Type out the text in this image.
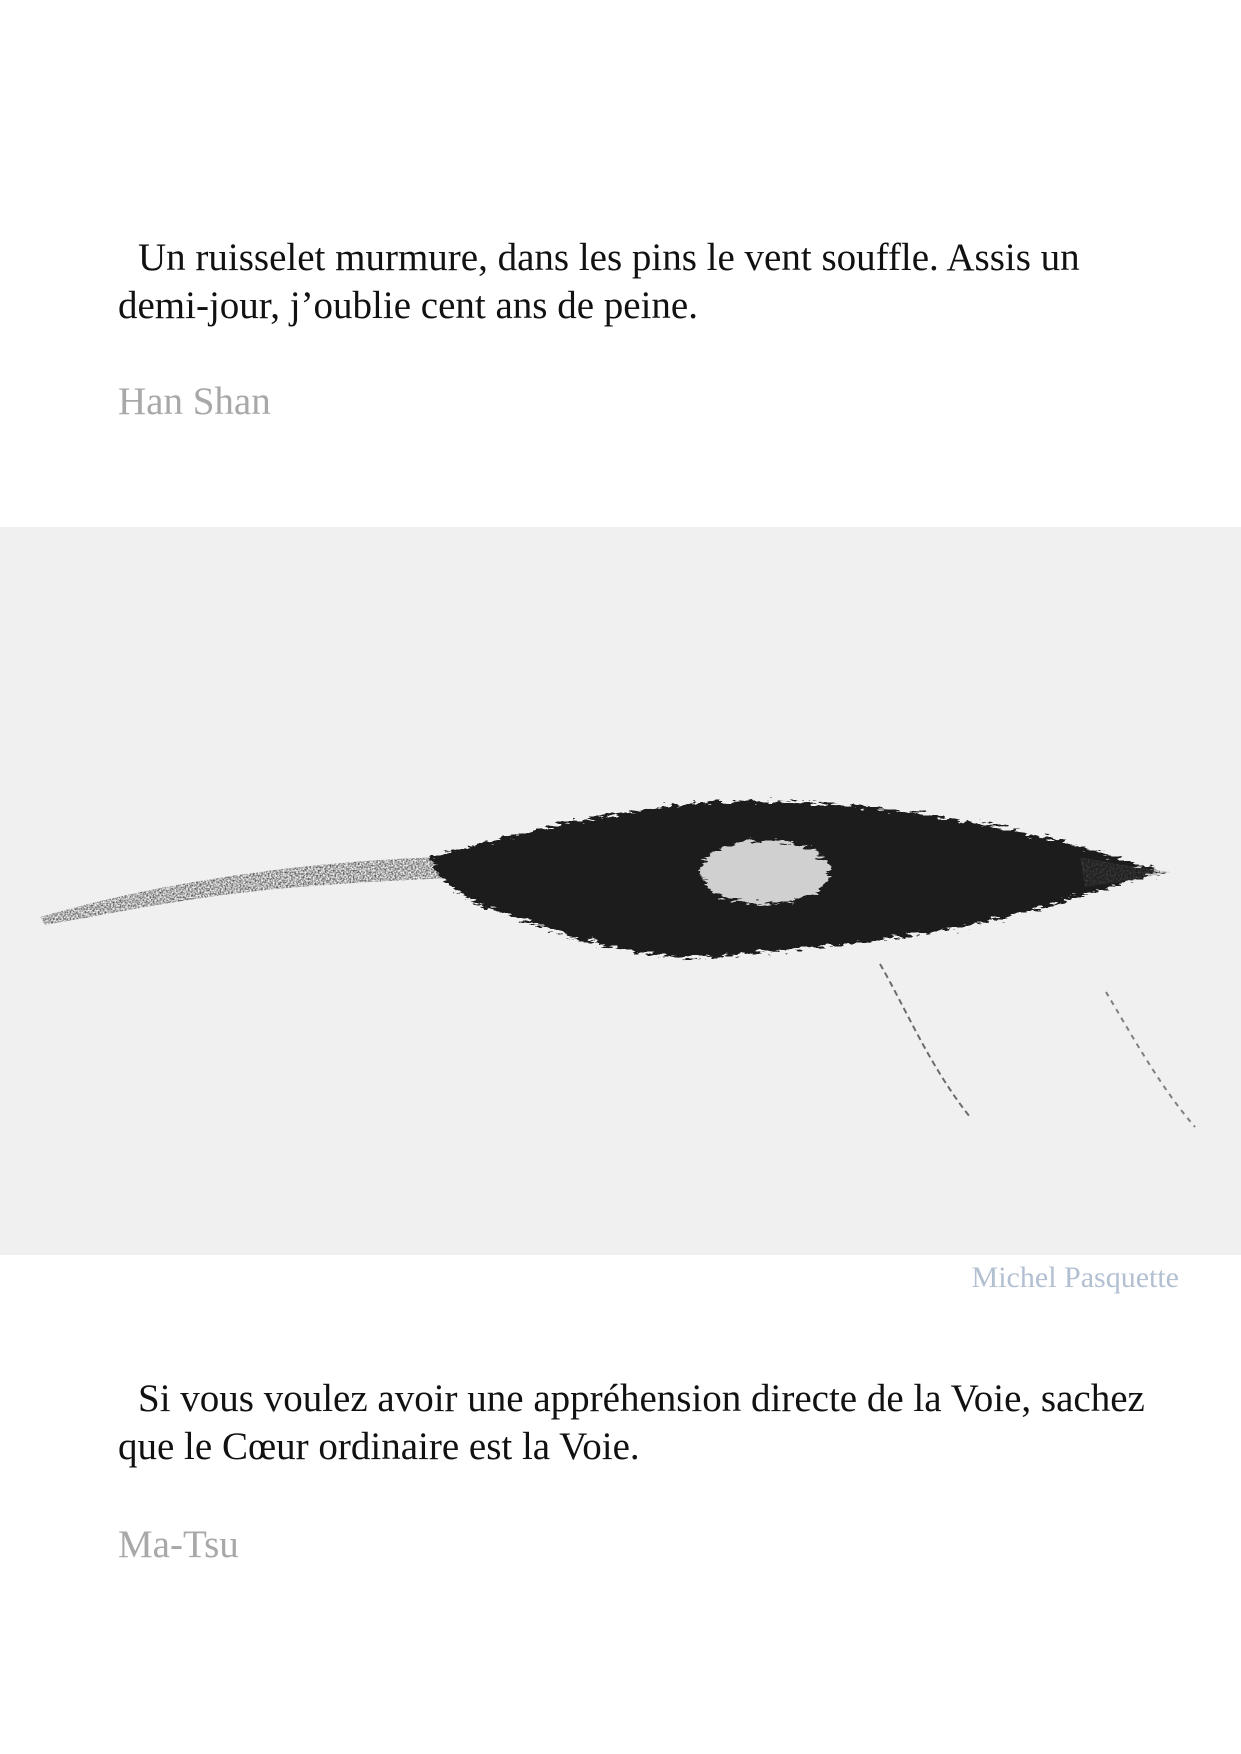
Un ruisselet murmure, dans les pins le vent souffle. Assis un demi-jour, j’oublie cent ans de peine.

Han Shan

Michel Pasquette

Si vous voulez avoir une appréhension directe de la Voie, sachez que le Cœur ordinaire est la Voie.

Ma-Tsu
